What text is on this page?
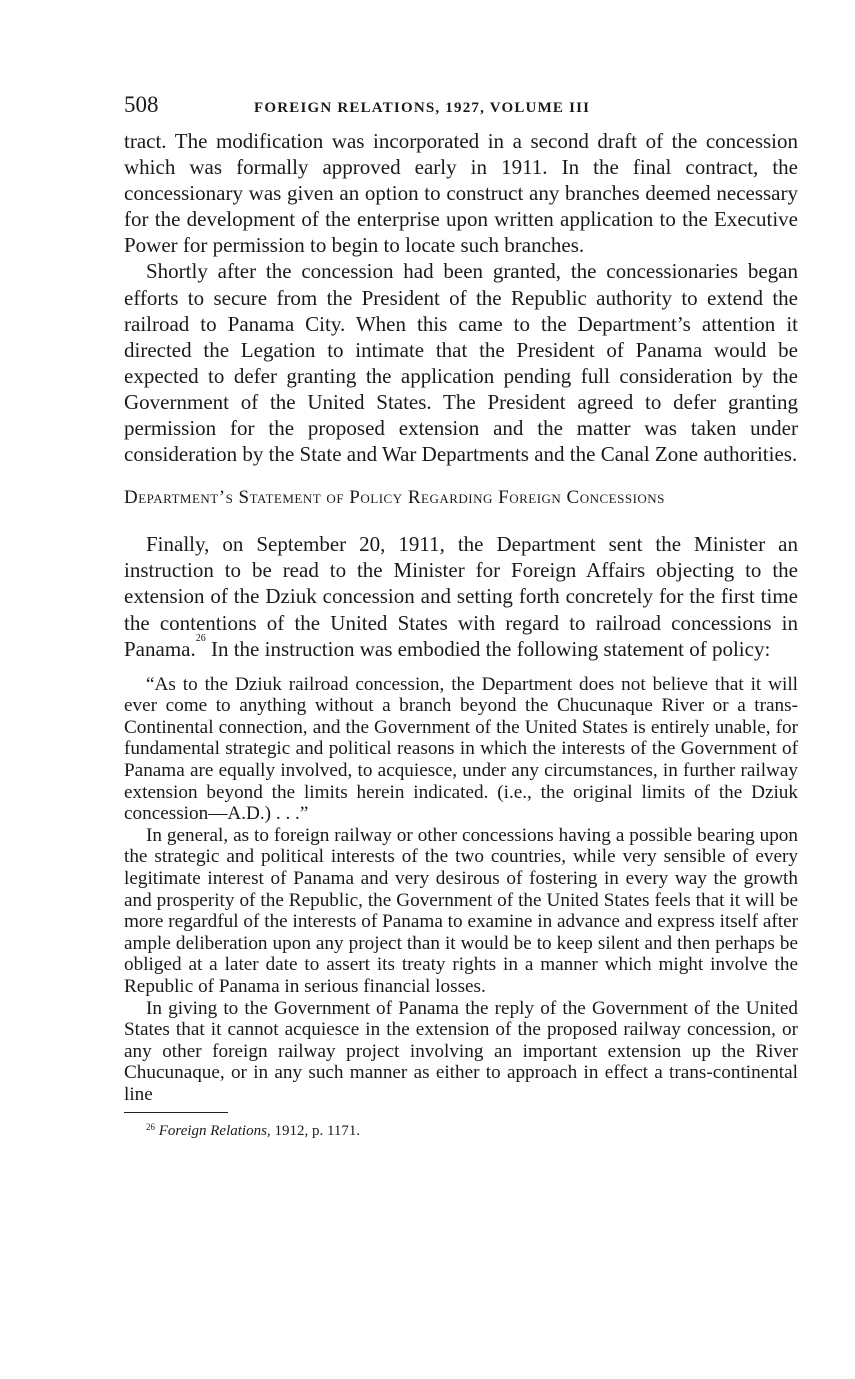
508	FOREIGN RELATIONS, 1927, VOLUME III

tract. The modification was incorporated in a second draft of the concession which was formally approved early in 1911. In the final contract, the concessionary was given an option to construct any branches deemed necessary for the development of the enterprise upon written application to the Executive Power for permission to begin to locate such branches.

Shortly after the concession had been granted, the concessionaries began efforts to secure from the President of the Republic authority to extend the railroad to Panama City. When this came to the Department’s attention it directed the Legation to intimate that the President of Panama would be expected to defer granting the application pending full consideration by the Government of the United States. The President agreed to defer granting permission for the proposed extension and the matter was taken under consideration by the State and War Departments and the Canal Zone authorities.

Department’s Statement of Policy Regarding Foreign Concessions

Finally, on September 20, 1911, the Department sent the Minister an instruction to be read to the Minister for Foreign Affairs objecting to the extension of the Dziuk concession and setting forth concretely for the first time the contentions of the United States with regard to railroad concessions in Panama.$^{26}$ In the instruction was embodied the following statement of policy:

“As to the Dziuk railroad concession, the Department does not believe that it will ever come to anything without a branch beyond the Chucunaque River or a trans-Continental connection, and the Government of the United States is entirely unable, for fundamental strategic and political reasons in which the interests of the Government of Panama are equally involved, to acquiesce, under any circumstances, in further railway extension beyond the limits herein indicated. (i.e., the original limits of the Dziuk concession—A.D.) . . .”

In general, as to foreign railway or other concessions having a possible bearing upon the strategic and political interests of the two countries, while very sensible of every legitimate interest of Panama and very desirous of fostering in every way the growth and prosperity of the Republic, the Government of the United States feels that it will be more regardful of the interests of Panama to examine in advance and express itself after ample deliberation upon any project than it would be to keep silent and then perhaps be obliged at a later date to assert its treaty rights in a manner which might involve the Republic of Panama in serious financial losses.

In giving to the Government of Panama the reply of the Government of the United States that it cannot acquiesce in the extension of the proposed railway concession, or any other foreign railway project involving an important extension up the River Chucunaque, or in any such manner as either to approach in effect a trans-continental line

$^{26}$ Foreign Relations, 1912, p. 1171.
